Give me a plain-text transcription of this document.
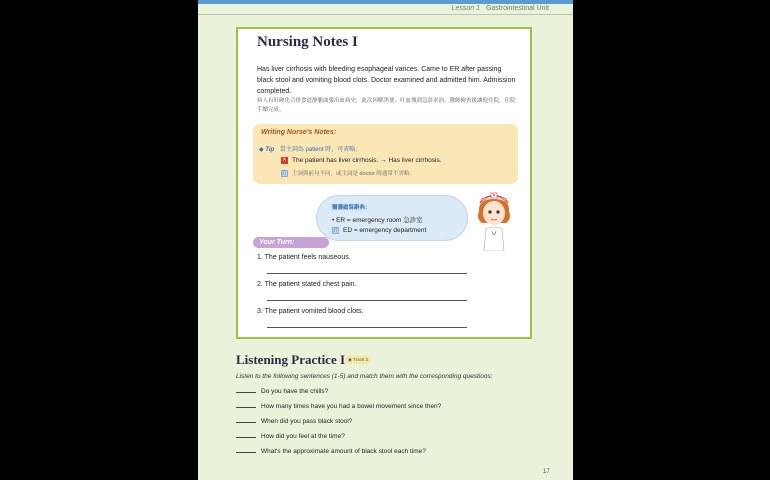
Lesson 1 Gastrointestinal Unit
Nursing Notes I
Has liver cirrhosis with bleeding esophageal varices. Came to ER after passing black stool and vomiting blood clots. Doctor examined and admitted him. Admission completed.
病人有肝硬化合併食道靜脈曲張出血病史，此次因解黑便、吐血塊到急診求治。醫師檢查後讓他住院，住院手續完成。
Writing Nurse's Notes:
◆ Tip 當主詞為 patient 時，可省略。
✕ The patient has liver cirrhosis. → Has liver cirrhosis.
註 主詞與前句不同，或主詞是 doctor 時通常不省略。
醫護縮寫辭典：
• ER = emergency room 急診室
註 ED = emergency department
Your Turn:
1. The patient feels nauseous.
2. The patient stated chest pain.
3. The patient vomited blood clots.
Listening Practice I ◉ Track 3
Listen to the following sentences (1-5) and match them with the corresponding questions:
Do you have the chills?
How many times have you had a bowel movement since then?
When did you pass black stool?
How did you feel at the time?
What's the approximate amount of black stool each time?
17
